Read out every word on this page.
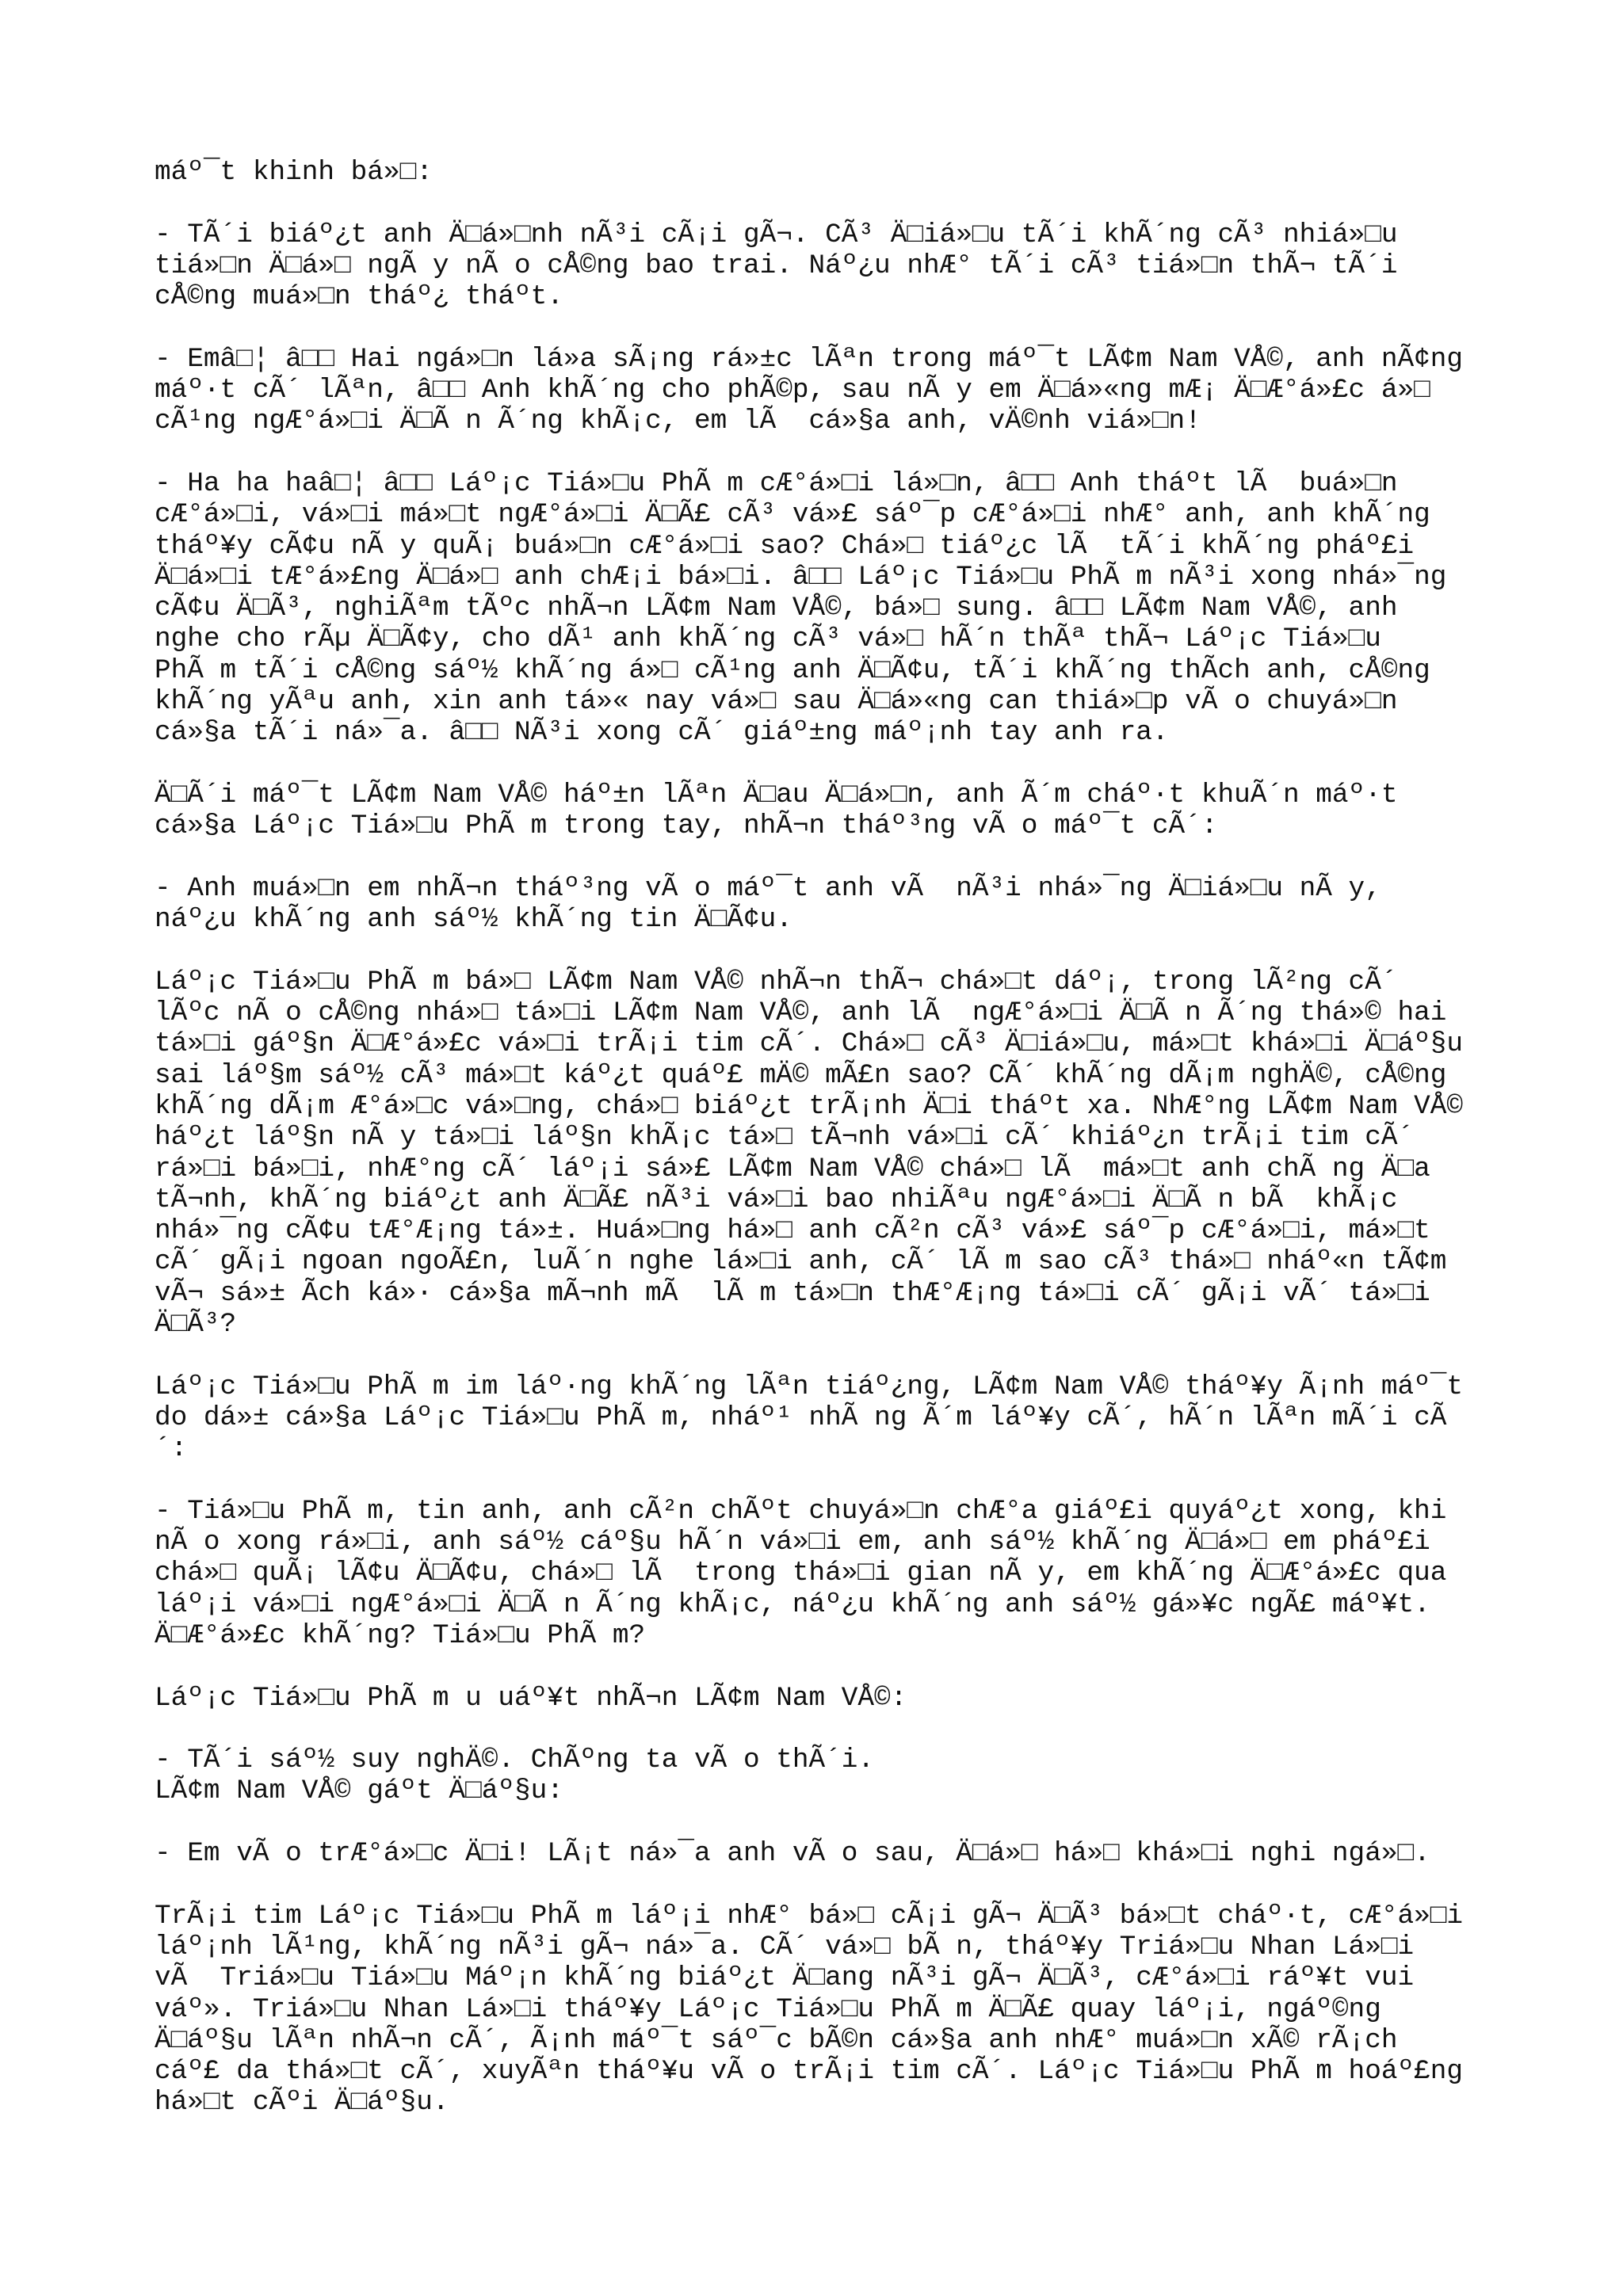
máº¯t khinh bá»□:
- TÃ´i biáº¿t anh Ä□á»□nh nÃ³i cÃ¡i gÃ¬. CÃ³ Ä□iá»□u tÃ´i khÃ´ng cÃ³ nhiá»□u
tiá»□n Ä□á»□ ngÃ y nÃ o cÅ©ng bao trai. Náº¿u nhÆ° tÃ´i cÃ³ tiá»□n thÃ¬ tÃ´i
cÅ©ng muá»□n tháº¿ tháºt.
- Emâ□¦ â□□ Hai ngá»□n lá»a sÃ¡ng rá»±c lÃªn trong máº¯t LÃ¢m Nam VÅ©, anh nÃ¢ng
máº·t cÃ´ lÃªn, â□□ Anh khÃ´ng cho phÃ©p, sau nÃ y em Ä□á»«ng mÆ¡ Ä□Æ°á»£c á»□
cÃ¹ng ngÆ°á»□i Ä□Ã n Ã´ng khÃ¡c, em lÃ  cá»§a anh, vÄ©nh viá»□n!
- Ha ha haâ□¦ â□□ Láº¡c Tiá»□u PhÃ m cÆ°á»□i lá»□n, â□□ Anh tháºt lÃ  buá»□n
cÆ°á»□i, vá»□i má»□t ngÆ°á»□i Ä□Ã£ cÃ³ vá»£ sáº¯p cÆ°á»□i nhÆ° anh, anh khÃ´ng
tháº¥y cÃ¢u nÃ y quÃ¡ buá»□n cÆ°á»□i sao? Chá»□ tiáº¿c lÃ  tÃ´i khÃ´ng pháº£i
Ä□á»□i tÆ°á»£ng Ä□á»□ anh chÆ¡i bá»□i. â□□ Láº¡c Tiá»□u PhÃ m nÃ³i xong nhá»¯ng
cÃ¢u Ä□Ã³, nghiÃªm tÃºc nhÃ¬n LÃ¢m Nam VÅ©, bá»□ sung. â□□ LÃ¢m Nam VÅ©, anh
nghe cho rÃµ Ä□Ã¢y, cho dÃ¹ anh khÃ´ng cÃ³ vá»□ hÃ´n thÃª thÃ¬ Láº¡c Tiá»□u
PhÃ m tÃ´i cÅ©ng sáº½ khÃ´ng á»□ cÃ¹ng anh Ä□Ã¢u, tÃ´i khÃ´ng thÃch anh, cÅ©ng
khÃ´ng yÃªu anh, xin anh tá»« nay vá»□ sau Ä□á»«ng can thiá»□p vÃ o chuyá»□n
cá»§a tÃ´i ná»¯a. â□□ NÃ³i xong cÃ´ giáº±ng máº¡nh tay anh ra.
Ä□Ã´i máº¯t LÃ¢m Nam VÅ© háº±n lÃªn Ä□au Ä□á»□n, anh Ã´m cháº·t khuÃ´n máº·t
cá»§a Láº¡c Tiá»□u PhÃ m trong tay, nhÃ¬n tháº³ng vÃ o máº¯t cÃ´:
- Anh muá»□n em nhÃ¬n tháº³ng vÃ o máº¯t anh vÃ  nÃ³i nhá»¯ng Ä□iá»□u nÃ y,
náº¿u khÃ´ng anh sáº½ khÃ´ng tin Ä□Ã¢u.
Láº¡c Tiá»□u PhÃ m bá»□ LÃ¢m Nam VÅ© nhÃ¬n thÃ¬ chá»□t dáº¡, trong lÃ²ng cÃ´
lÃºc nÃ o cÅ©ng nhá»□ tá»□i LÃ¢m Nam VÅ©, anh lÃ  ngÆ°á»□i Ä□Ã n Ã´ng thá»© hai
tá»□i gáº§n Ä□Æ°á»£c vá»□i trÃ¡i tim cÃ´. Chá»□ cÃ³ Ä□iá»□u, má»□t khá»□i Ä□áº§u
sai láº§m sáº½ cÃ³ má»□t káº¿t quáº£ mÄ© mÃ£n sao? CÃ´ khÃ´ng dÃ¡m nghÄ©, cÅ©ng
khÃ´ng dÃ¡m Æ°á»□c vá»□ng, chá»□ biáº¿t trÃ¡nh Ä□i tháºt xa. NhÆ°ng LÃ¢m Nam VÅ©
háº¿t láº§n nÃ y tá»□i láº§n khÃ¡c tá»□ tÃ¬nh vá»□i cÃ´ khiáº¿n trÃ¡i tim cÃ´
rá»□i bá»□i, nhÆ°ng cÃ´ láº¡i sá»£ LÃ¢m Nam VÅ© chá»□ lÃ  má»□t anh chÃ ng Ä□a
tÃ¬nh, khÃ´ng biáº¿t anh Ä□Ã£ nÃ³i vá»□i bao nhiÃªu ngÆ°á»□i Ä□Ã n bÃ  khÃ¡c
nhá»¯ng cÃ¢u tÆ°Æ¡ng tá»±. Huá»□ng há»□ anh cÃ²n cÃ³ vá»£ sáº¯p cÆ°á»□i, má»□t
cÃ´ gÃ¡i ngoan ngoÃ£n, luÃ´n nghe lá»□i anh, cÃ´ lÃ m sao cÃ³ thá»□ nháº«n tÃ¢m
vÃ¬ sá»± Ãch ká»· cá»§a mÃ¬nh mÃ  lÃ m tá»□n thÆ°Æ¡ng tá»□i cÃ´ gÃ¡i vÃ´ tá»□i
Ä□Ã³?
Láº¡c Tiá»□u PhÃ m im láº·ng khÃ´ng lÃªn tiáº¿ng, LÃ¢m Nam VÅ© tháº¥y Ã¡nh máº¯t
do dá»± cá»§a Láº¡c Tiá»□u PhÃ m, nháº¹ nhÃ ng Ã´m láº¥y cÃ´, hÃ´n lÃªn mÃ´i cÃ
´:
- Tiá»□u PhÃ m, tin anh, anh cÃ²n chÃºt chuyá»□n chÆ°a giáº£i quyáº¿t xong, khi
nÃ o xong rá»□i, anh sáº½ cáº§u hÃ´n vá»□i em, anh sáº½ khÃ´ng Ä□á»□ em pháº£i
chá»□ quÃ¡ lÃ¢u Ä□Ã¢u, chá»□ lÃ  trong thá»□i gian nÃ y, em khÃ´ng Ä□Æ°á»£c qua
láº¡i vá»□i ngÆ°á»□i Ä□Ã n Ã´ng khÃ¡c, náº¿u khÃ´ng anh sáº½ gá»¥c ngÃ£ máº¥t.
Ä□Æ°á»£c khÃ´ng? Tiá»□u PhÃ m?
Láº¡c Tiá»□u PhÃ m u uáº¥t nhÃ¬n LÃ¢m Nam VÅ©:
- TÃ´i sáº½ suy nghÄ©. ChÃºng ta vÃ o thÃ´i.
LÃ¢m Nam VÅ© gáºt Ä□áº§u:
- Em vÃ o trÆ°á»□c Ä□i! LÃ¡t ná»¯a anh vÃ o sau, Ä□á»□ há»□ khá»□i nghi ngá»□.
TrÃ¡i tim Láº¡c Tiá»□u PhÃ m láº¡i nhÆ° bá»□ cÃ¡i gÃ¬ Ä□Ã³ bá»□t cháº·t, cÆ°á»□i
láº¡nh lÃ¹ng, khÃ´ng nÃ³i gÃ¬ ná»¯a. CÃ´ vá»□ bÃ n, tháº¥y Triá»□u Nhan Lá»□i
vÃ  Triá»□u Tiá»□u Máº¡n khÃ´ng biáº¿t Ä□ang nÃ³i gÃ¬ Ä□Ã³, cÆ°á»□i ráº¥t vui
váº». Triá»□u Nhan Lá»□i tháº¥y Láº¡c Tiá»□u PhÃ m Ä□Ã£ quay láº¡i, ngáº©ng
Ä□áº§u lÃªn nhÃ¬n cÃ´, Ã¡nh máº¯t sáº¯c bÃ©n cá»§a anh nhÆ° muá»□n xÃ© rÃ¡ch
cáº£ da thá»□t cÃ´, xuyÃªn tháº¥u vÃ o trÃ¡i tim cÃ´. Láº¡c Tiá»□u PhÃ m hoáº£ng
há»□t cÃºi Ä□áº§u.
